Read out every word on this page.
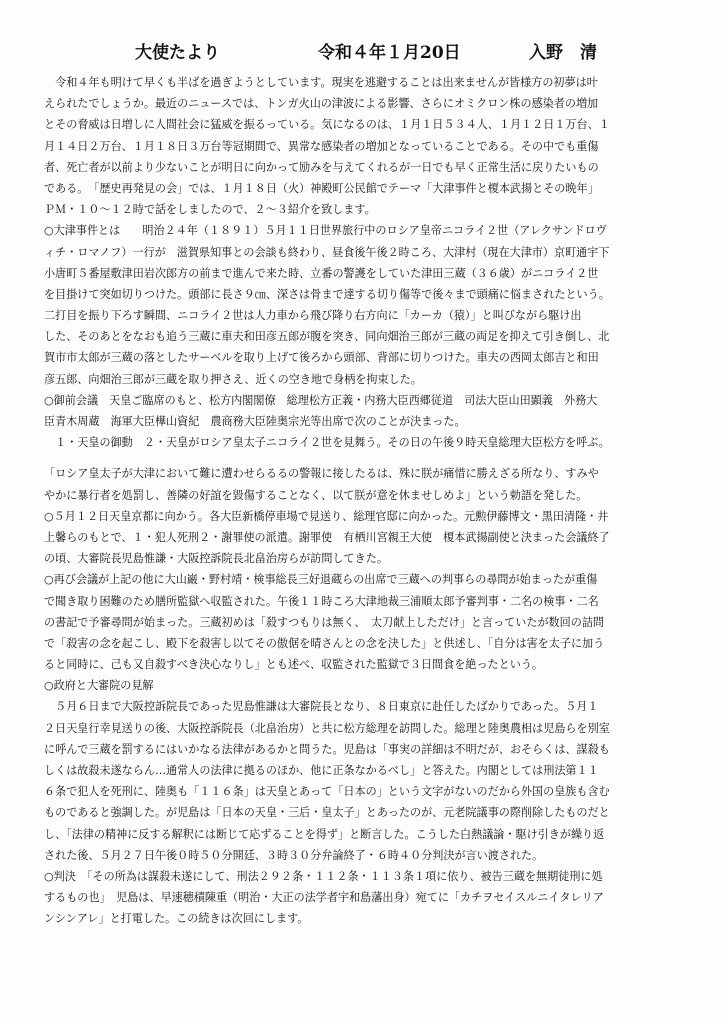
大使たより	令和４年１月20日	入野　清
　令和４年も明けて早くも半ばを過ぎようとしています。現実を逃避することは出来ませんが皆様方の初夢は叶
えられたでしょうか。最近のニュースでは、トンガ火山の津波による影響、さらにオミクロン株の感染者の増加
とその脅威は日増しに人間社会に猛威を振るっている。気になるのは、１月１日５３４人、１月１２日１万台、１
月１４日２万台、１月１８日３万台等冠期間で、異常な感染者の増加となっていることである。その中でも重傷
者、死亡者が以前より少ないことが明日に向かって励みを与えてくれるが一日でも早く正常生活に戻りたいもの
である。　「歴史再発見の会」では、１月１８日（火）神殿町公民館でテーマ「大津事件と榎本武揚とその晩年」
ＰＭ・１０～１２時で話をしましたので、２～３紹介を致します。
○大津事件とは　　明治２４年（１８９１）５月１１日世界旅行中のロシア皇帝ニコライ２世（アレクサンドロヴ
ィチ・ロマノフ）一行が　滋賀県知事との会談も終わり、昼食後午後２時ころ、大津村（現在大津市）京町通宇下
小唐町５番屋敷津田岩次郎方の前まで進んで来た時、立番の警護をしていた津田三蔵（３６歳）がニコライ２世
を目掛けて突如切りつけた。頭部に長さ９㎝、深さは骨まで達する切り傷等で後々まで頭痛に悩まされたという。
二打目を振り下ろす瞬間、ニコライ２世は人力車から飛び降り右方向に「カーカ（猿）」と叫びながら駆け出
した、そのあとをなおも追う三蔵に車夫和田彦五郎が腹を突き、同向畑治三郎が三蔵の両足を抑えて引き倒し、北
賀市市太郎が三蔵の落としたサーベルを取り上げて後ろから頭部、背部に切りつけた。車夫の西岡太郎吉と和田
彦五郎、向畑治三郎が三蔵を取り押さえ、近くの空き地で身柄を拘束した。
○御前会議　天皇ご臨席のもと、松方内閣閣僚　総理松方正義・内務大臣西郷従道　司法大臣山田顕義　外務大
臣青木周蔵　海軍大臣樺山資紀　農商務大臣陸奥宗光等出席で次のことが決まった。
　１・天皇の御動　２・天皇がロシア皇太子ニコライ２世を見舞う。その日の午後９時天皇総理大臣松方を呼ぶ。
「ロシア皇太子が大津において難に遭わせらるるの警報に接したるは、殊に朕が痛惜に勝えざる所なり、すみや
やかに暴行者を処罰し、善隣の好誼を毀傷することなく、以て朕が意を休ませしめよ」という勅語を発した。
○５月１２日天皇京都に向かう。各大臣新橋停車場で見送り、総理官邸に向かった。元勲伊藤博文・黒田清隆・井
上馨らのもとで、１・犯人死刑２・謝罪使の派遣。謝罪使　有栖川宮親王大使　榎本武揚副使と決まった会議終了
の頃、大審院長児島惟謙・大阪控訴院長北畠治房らが訪問してきた。
○再び会議が上記の他に大山巌・野村靖・検事総長三好退蔵らの出席で三蔵への判事らの尋問が始まったが重傷
で聞き取り困難のため膳所監獄へ収監された。午後１１時ころ大津地裁三浦順太郎予審判事・二名の検事・二名
の書記で予審尋問が始まった。三蔵初めは「殺すつもりは無く、　太刀献上しただけ」と言っていたが数回の詰問
で「殺害の念を起こし、殿下を殺害し以てその傲倨を晴さんとの念を決した」と供述し、「自分は害を太子に加う
ると同時に、己も又自殺すべき決心なりし」とも述べ、収監された監獄で３日間食を絶ったという。
○政府と大審院の見解
　５月６日まで大阪控訴院長であった児島惟謙は大審院長となり、８日東京に赴任したばかりであった。５月１
２日天皇行幸見送りの後、大阪控訴院長（北畠治房）と共に松方総理を訪問した。総理と陸奥農相は児島らを別室
に呼んで三蔵を罰するにはいかなる法律があるかと問うた。児島は「事実の詳細は不明だが、おそらくは、謀殺も
しくは故殺未遂ならん…通常人の法律に拠るのほか、他に正条なかるべし」と答えた。内閣としては刑法第１１
６条で犯人を死刑に、陸奥も「１１６条」は天皇とあって「日本の」という文字がないのだから外国の皇族も含む
ものであると強調した。が児島は「日本の天皇・三后・皇太子」とあったのが、元老院議事の際削除したものだと
し、「法律の精神に反する解釈には断じて応ずることを得ず」と断言した。こうした白熱議論・駆け引きが繰り返
された後、５月２７日午後０時５０分開廷、３時３０分弁論終了・６時４０分判決が言い渡された。
○判決　「その所為は謀殺未遂にして、刑法２９２条・１１２条・１１３条１項に依り、被告三蔵を無期徒刑に処
するもの也」　児島は、早速穂積陳重（明治・大正の法学者宇和島藩出身）宛てに「カチヲセイスルニイタレリア
ンシンアレ」と打電した。この続きは次回にします。
